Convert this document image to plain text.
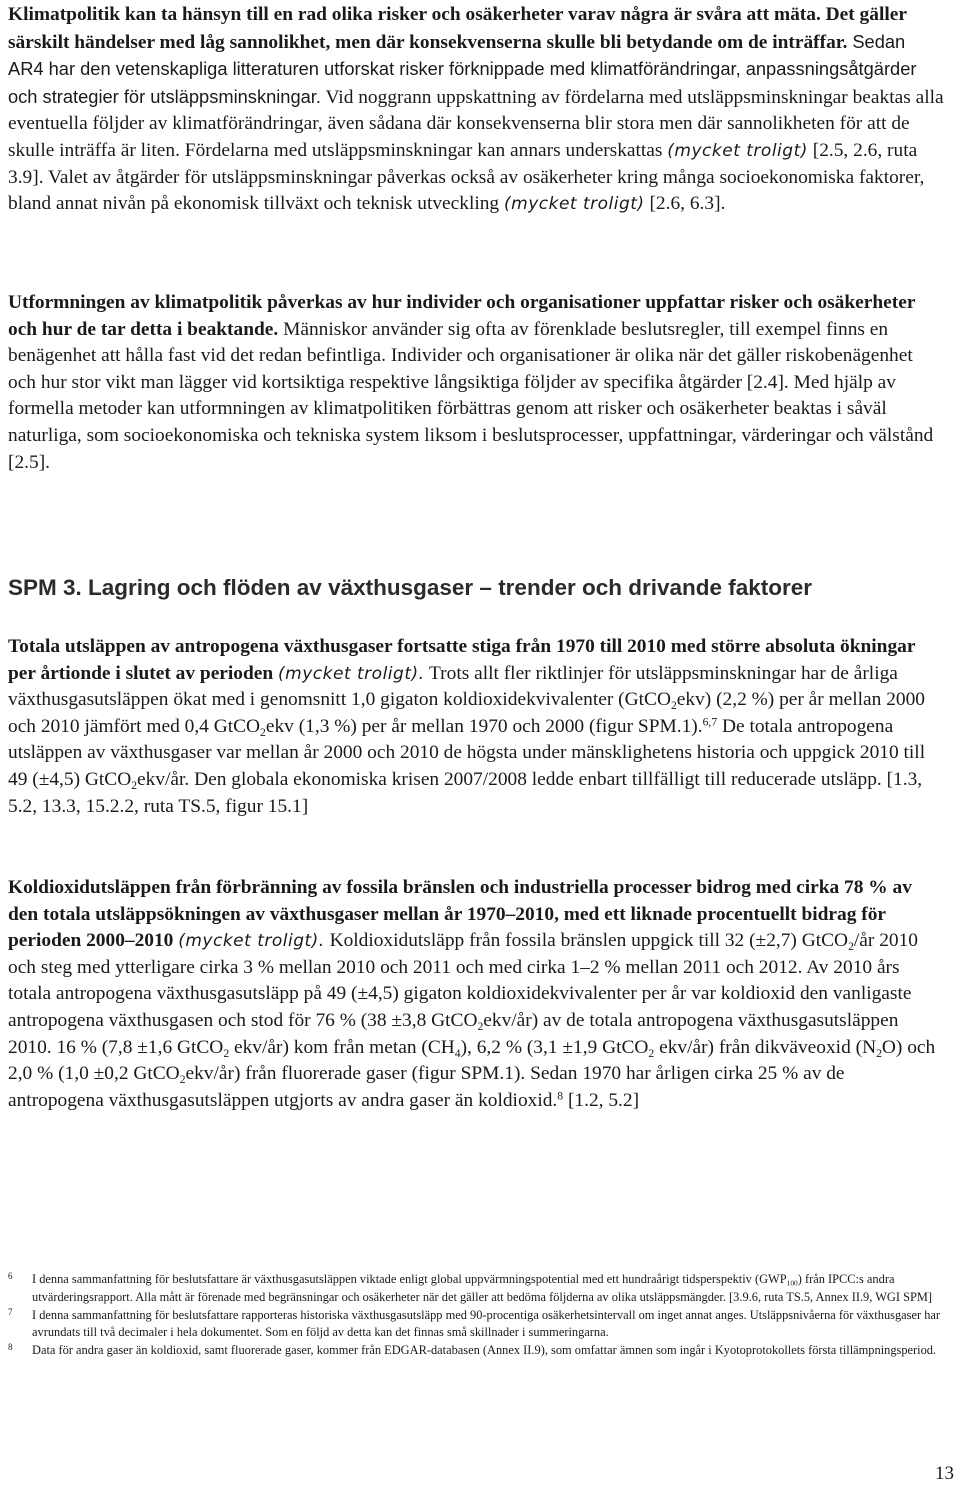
Klimatpolitik kan ta hänsyn till en rad olika risker och osäkerheter varav några är svåra att mäta. Det gäller särskilt händelser med låg sannolikhet, men där konsekvenserna skulle bli betydande om de inträffar. Sedan AR4 har den vetenskapliga litteraturen utforskat risker förknippade med klimatförändringar, anpassningsåtgärder och strategier för utsläppsminskningar. Vid noggrann uppskattning av fördelarna med utsläppsminskningar beaktas alla eventuella följder av klimatförändringar, även sådana där konsekvenserna blir stora men där sannolikheten för att de skulle inträffa är liten. Fördelarna med utsläppsminskningar kan annars underskattas (mycket troligt) [2.5, 2.6, ruta 3.9]. Valet av åtgärder för utsläppsminskningar påverkas också av osäkerheter kring många socioekonomiska faktorer, bland annat nivån på ekonomisk tillväxt och teknisk utveckling (mycket troligt) [2.6, 6.3].

Utformningen av klimatpolitik påverkas av hur individer och organisationer uppfattar risker och osäkerheter och hur de tar detta i beaktande. Människor använder sig ofta av förenklade beslutsregler, till exempel finns en benägenhet att hålla fast vid det redan befintliga. Individer och organisationer är olika när det gäller riskobenägenhet och hur stor vikt man lägger vid kortsiktiga respektive långsiktiga följder av specifika åtgärder [2.4]. Med hjälp av formella metoder kan utformningen av klimatpolitiken förbättras genom att risker och osäkerheter beaktas i såväl naturliga, som socioekonomiska och tekniska system liksom i beslutsprocesser, uppfattningar, värderingar och välstånd [2.5].

SPM 3. Lagring och flöden av växthusgaser – trender och drivande faktorer

Totala utsläppen av antropogena växthusgaser fortsatte stiga från 1970 till 2010 med större absoluta ökningar per årtionde i slutet av perioden (mycket troligt). Trots allt fler riktlinjer för utsläppsminskningar har de årliga växthusgasutsläppen ökat med i genomsnitt 1,0 gigaton koldioxidekvivalenter (GtCO$_2$ekv) (2,2 %) per år mellan 2000 och 2010 jämfört med 0,4 GtCO$_2$ekv (1,3 %) per år mellan 1970 och 2000 (figur SPM.1).$^{6,7}$ De totala antropogena utsläppen av växthusgaser var mellan år 2000 och 2010 de högsta under mänsklighetens historia och uppgick 2010 till 49 (±4,5) GtCO$_2$ekv/år. Den globala ekonomiska krisen 2007/2008 ledde enbart tillfälligt till reducerade utsläpp. [1.3, 5.2, 13.3, 15.2.2, ruta TS.5, figur 15.1]

Koldioxidutsläppen från förbränning av fossila bränslen och industriella processer bidrog med cirka 78 % av den totala utsläppsökningen av växthusgaser mellan år 1970–2010, med ett liknade procentuellt bidrag för perioden 2000–2010 (mycket troligt). Koldioxidutsläpp från fossila bränslen uppgick till 32 (±2,7) GtCO$_2$/år 2010 och steg med ytterligare cirka 3 % mellan 2010 och 2011 och med cirka 1–2 % mellan 2011 och 2012. Av 2010 års totala antropogena växthusgasutsläpp på 49 (±4,5) gigaton koldioxidekvivalenter per år var koldioxid den vanligaste antropogena växthusgasen och stod för 76 % (38 ±3,8 GtCO$_2$ekv/år) av de totala antropogena växthusgasutsläppen 2010. 16 % (7,8 ±1,6 GtCO$_2$ ekv/år) kom från metan $(CH_4)$, 6,2 % (3,1 ±1,9 GtCO$_2$ ekv/år) från dikväveoxid $(N_2O)$ och 2,0 % (1,0 ±0,2 GtCO$_2$ekv/år) från fluorerade gaser (figur SPM.1). Sedan 1970 har årligen cirka 25 % av de antropogena växthusgasutsläppen utgjorts av andra gaser än koldioxid.$^8$ [1.2, 5.2]

6 I denna sammanfattning för beslutsfattare är växthusgasutsläppen viktade enligt global uppvärmningspotential med ett hundraårigt tidsperspektiv $(GWP_{100})$ från IPCC:s andra utvärderingsrapport. Alla mått är förenade med begränsningar och osäkerheter när det gäller att bedöma följderna av olika utsläppsmängder. [3.9.6, ruta TS.5, Annex II.9, WGI SPM]

7 I denna sammanfattning för beslutsfattare rapporteras historiska växthusgasutsläpp med 90-procentiga osäkerhetsintervall om inget annat anges. Utsläppsnivåerna för växthusgaser har avrundats till två decimaler i hela dokumentet. Som en följd av detta kan det finnas små skillnader i summeringarna.

8 Data för andra gaser än koldioxid, samt fluorerade gaser, kommer från EDGAR-databasen (Annex II.9), som omfattar ämnen som ingår i Kyotoprotokollets första tillämpningsperiod.

13
